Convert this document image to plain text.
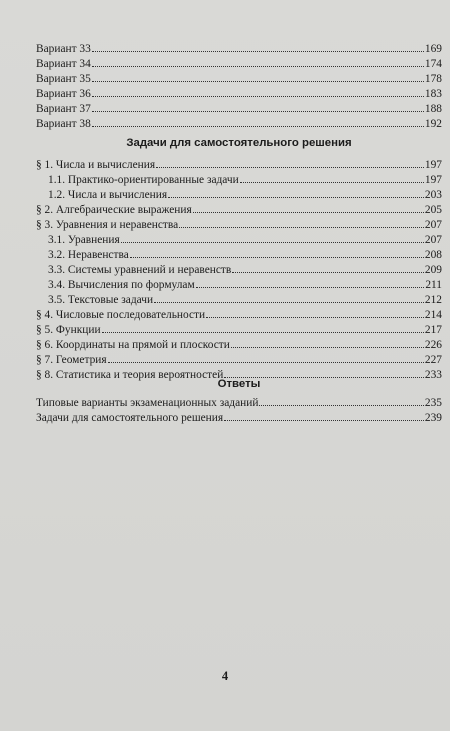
Вариант 33	169
Вариант 34	174
Вариант 35	178
Вариант 36	183
Вариант 37	188
Вариант 38	192
Задачи для самостоятельного решения
§ 1. Числа и вычисления	197
1.1. Практико-ориентированные задачи	197
1.2. Числа и вычисления	203
§ 2. Алгебраические выражения	205
§ 3. Уравнения и неравенства	207
3.1. Уравнения	207
3.2. Неравенства	208
3.3. Системы уравнений и неравенств	209
3.4. Вычисления по формулам	211
3.5. Текстовые задачи	212
§ 4. Числовые последовательности	214
§ 5. Функции	217
§ 6. Координаты на прямой и плоскости	226
§ 7. Геометрия	227
§ 8. Статистика и теория вероятностей	233
Ответы
Типовые варианты экзаменационных заданий	235
Задачи для самостоятельного решения	239
4
